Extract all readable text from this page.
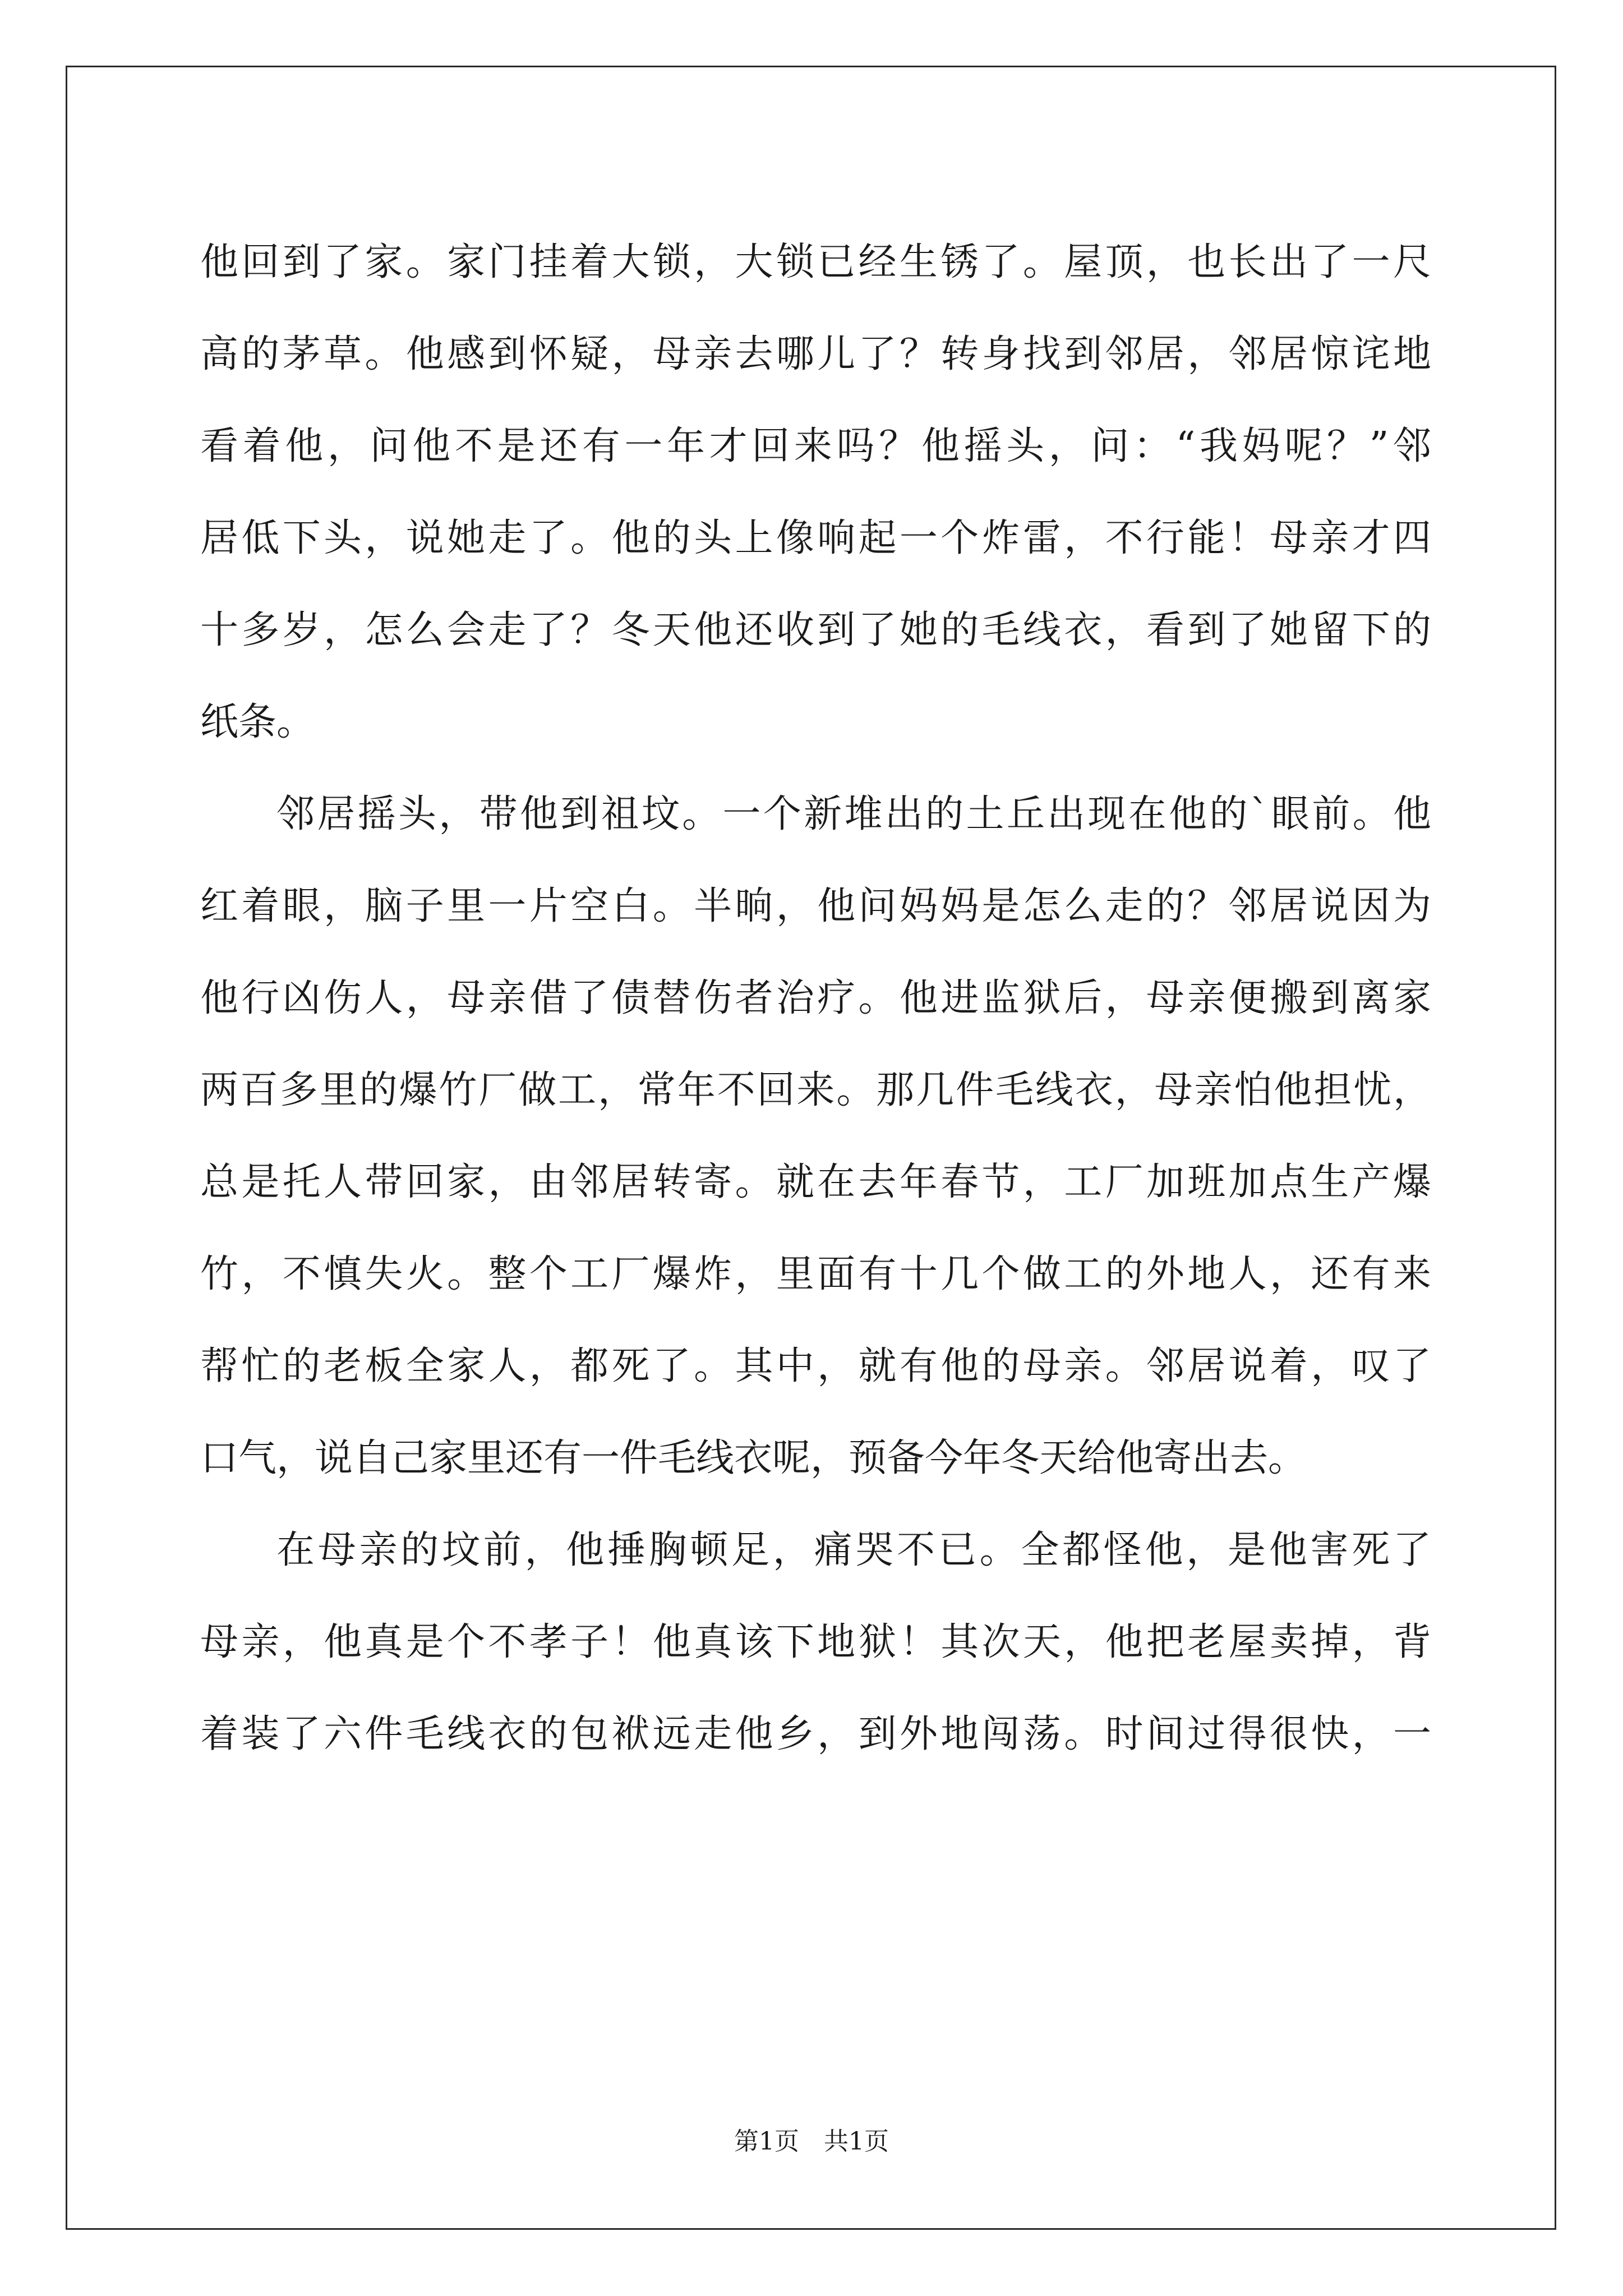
他回到了家。家门挂着大锁，大锁已经生锈了。屋顶，也长出了一尺
高的茅草。他感到怀疑，母亲去哪儿了？转身找到邻居，邻居惊诧地
看着他，问他不是还有一年才回来吗？他摇头，问：“我妈呢？”邻
居低下头，说她走了。他的头上像响起一个炸雷，不行能！母亲才四
十多岁，怎么会走了？冬天他还收到了她的毛线衣，看到了她留下的
纸条。
邻居摇头，带他到祖坟。一个新堆出的土丘出现在他的`眼前。他
红着眼，脑子里一片空白。半晌，他问妈妈是怎么走的？邻居说因为
他行凶伤人，母亲借了债替伤者治疗。他进监狱后，母亲便搬到离家
两百多里的爆竹厂做工，常年不回来。那几件毛线衣，母亲怕他担忧，
总是托人带回家，由邻居转寄。就在去年春节，工厂加班加点生产爆
竹，不慎失火。整个工厂爆炸，里面有十几个做工的外地人，还有来
帮忙的老板全家人，都死了。其中，就有他的母亲。邻居说着，叹了
口气，说自己家里还有一件毛线衣呢，预备今年冬天给他寄出去。
在母亲的坟前，他捶胸顿足，痛哭不已。全都怪他，是他害死了
母亲，他真是个不孝子！他真该下地狱！其次天，他把老屋卖掉，背
着装了六件毛线衣的包袱远走他乡，到外地闯荡。时间过得很快，一
第1页 共1页
